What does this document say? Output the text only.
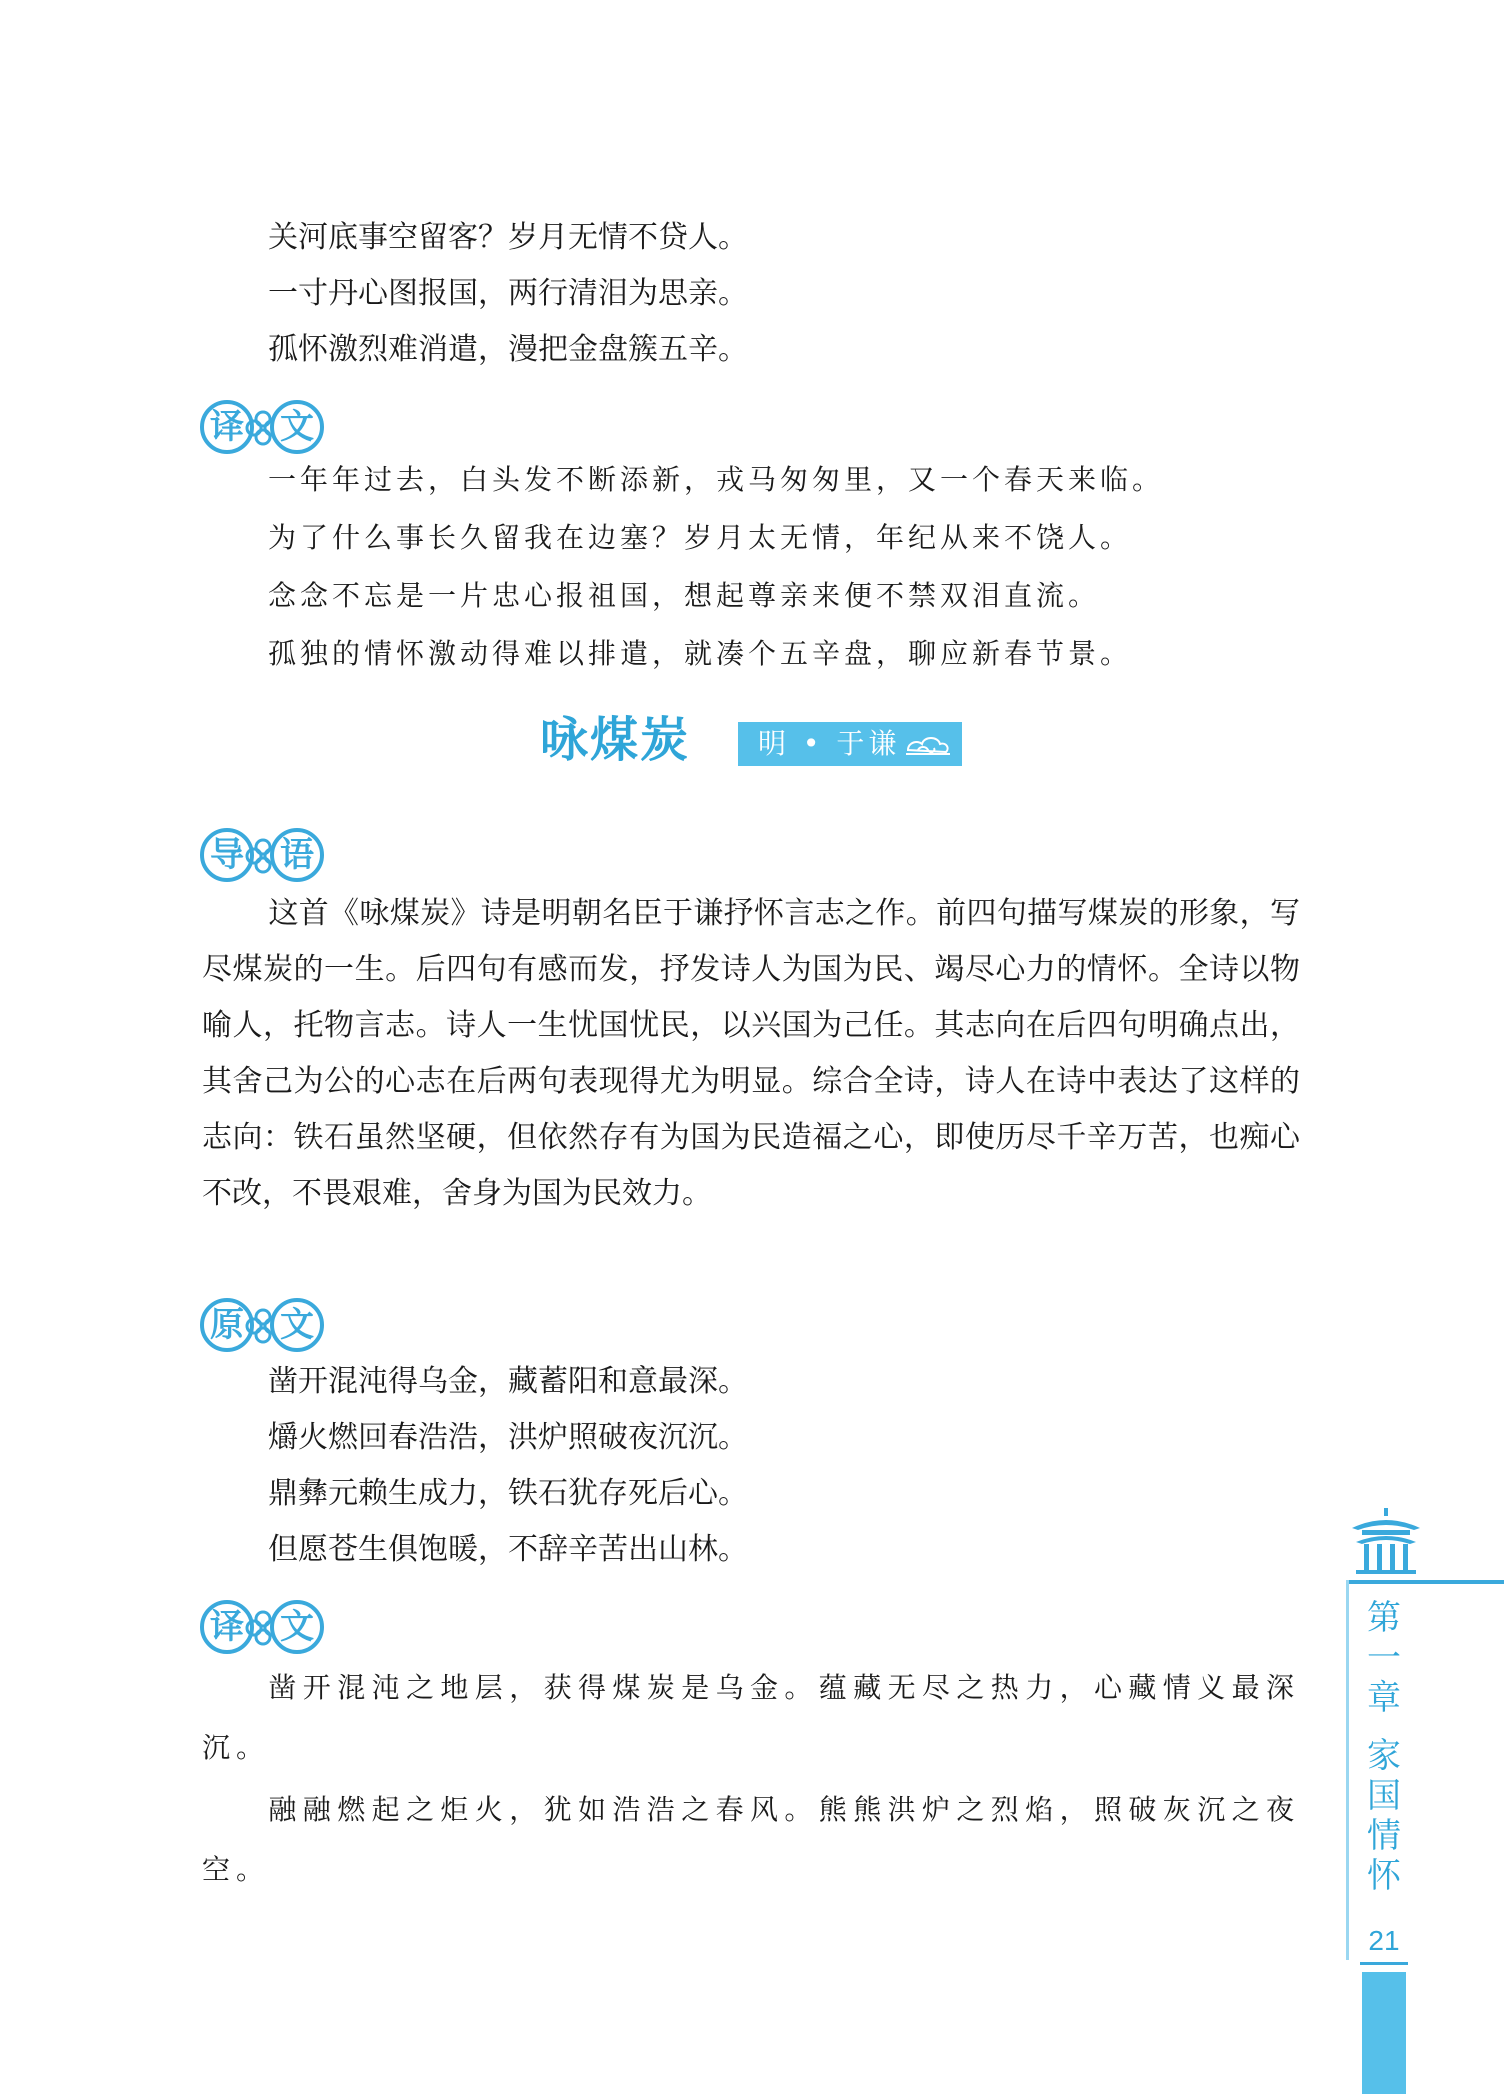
关河底事空留客？岁月无情不贷人。
一寸丹心图报国，两行清泪为思亲。
孤怀激烈难消遣，漫把金盘簇五辛。
译 文
一年年过去，白头发不断添新，戎马匆匆里，又一个春天来临。
为了什么事长久留我在边塞？岁月太无情，年纪从来不饶人。
念念不忘是一片忠心报祖国，想起尊亲来便不禁双泪直流。
孤独的情怀激动得难以排遣，就凑个五辛盘，聊应新春节景。
咏煤炭 明 • 于谦
导 语
这首《咏煤炭》诗是明朝名臣于谦抒怀言志之作。前四句描写煤炭的形象，写尽煤炭的一生。后四句有感而发，抒发诗人为国为民、竭尽心力的情怀。全诗以物喻人，托物言志。诗人一生忧国忧民，以兴国为己任。其志向在后四句明确点出，其舍己为公的心志在后两句表现得尤为明显。综合全诗，诗人在诗中表达了这样的志向：铁石虽然坚硬，但依然存有为国为民造福之心，即使历尽千辛万苦，也痴心不改，不畏艰难，舍身为国为民效力。
原 文
凿开混沌得乌金，藏蓄阳和意最深。
爝火燃回春浩浩，洪炉照破夜沉沉。
鼎彝元赖生成力，铁石犹存死后心。
但愿苍生俱饱暖，不辞辛苦出山林。
译 文
凿开混沌之地层，获得煤炭是乌金。蕴藏无尽之热力，心藏情义最深沉。
融融燃起之炬火，犹如浩浩之春风。熊熊洪炉之烈焰，照破灰沉之夜空。
第一章
家国情怀
21
